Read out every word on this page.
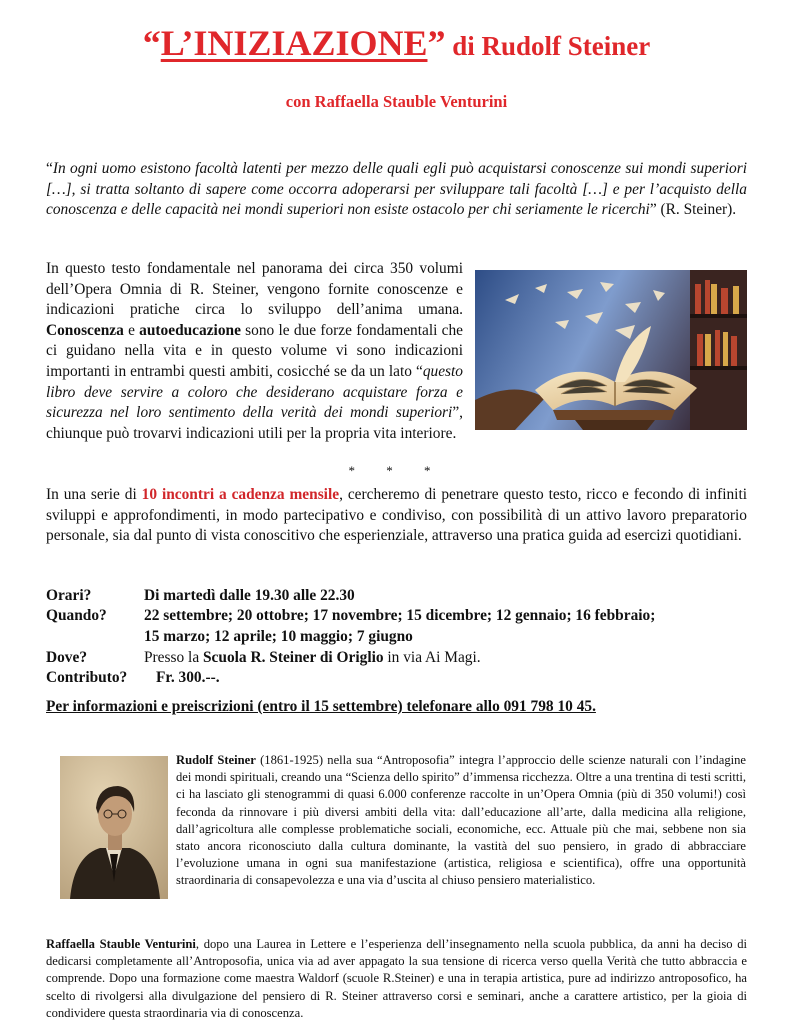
“L’INIZIAZIONE” di Rudolf Steiner
con Raffaella Stauble Venturini
“In ogni uomo esistono facoltà latenti per mezzo delle quali egli può acquistarsi conoscenze sui mondi superiori […], si tratta soltanto di sapere come occorra adoperarsi per sviluppare tali facoltà […] e per l’acquisto della conoscenza e delle capacità nei mondi superiori non esiste ostacolo per chi seriamente le ricerchi” (R. Steiner).
In questo testo fondamentale nel panorama dei circa 350 volumi dell’Opera Omnia di R. Steiner, vengono fornite conoscenze e indicazioni pratiche circa lo sviluppo dell’anima umana. Conoscenza e autoeducazione sono le due forze fondamentali che ci guidano nella vita e in questo volume vi sono indicazioni importanti in entrambi questi ambiti, cosicché se da un lato “questo libro deve servire a coloro che desiderano acquistare forza e sicurezza nel loro sentimento della verità dei mondi superiori”, chiunque può trovarvi indicazioni utili per la propria vita interiore.
* * *
In una serie di 10 incontri a cadenza mensile, cercheremo di penetrare questo testo, ricco e fecondo di infiniti sviluppi e approfondimenti, in modo partecipativo e condiviso, con possibilità di un attivo lavoro preparatorio personale, sia dal punto di vista conoscitivo che esperienziale, attraverso una pratica guida ad esercizi quotidiani.
Orari?	Di martedì dalle 19.30 alle 22.30
Quando? 22 settembre; 20 ottobre; 17 novembre; 15 dicembre; 12 gennaio; 16 febbraio;
15 marzo; 12 aprile; 10 maggio; 7 giugno
Dove?	Presso la Scuola R. Steiner di Origlio in via Ai Magi.
Contributo? Fr. 300.--.
Per informazioni e preiscrizioni (entro il 15 settembre) telefonare allo 091 798 10 45.
Rudolf Steiner (1861-1925) nella sua “Antroposofia” integra l’approccio delle scienze naturali con l’indagine dei mondi spirituali, creando una “Scienza dello spirito” d’immensa ricchezza. Oltre a una trentina di testi scritti, ci ha lasciato gli stenogrammi di quasi 6.000 conferenze raccolte in un’Opera Omnia (più di 350 volumi!) così feconda da rinnovare i più diversi ambiti della vita: dall’educazione all’arte, dalla medicina alla religione, dall’agricoltura alle complesse problematiche sociali, economiche, ecc. Attuale più che mai, sebbene non sia stato ancora riconosciuto dalla cultura dominante, la vastità del suo pensiero, in grado di abbracciare l’evoluzione umana in ogni sua manifestazione (artistica, religiosa e scientifica), offre una opportunità straordinaria di consapevolezza e una via d’uscita al chiuso pensiero materialistico.
Raffaella Stauble Venturini, dopo una Laurea in Lettere e l’esperienza dell’insegnamento nella scuola pubblica, da anni ha deciso di dedicarsi completamente all’Antroposofia, unica via ad aver appagato la sua tensione di ricerca verso quella Verità che tutto abbraccia e comprende. Dopo una formazione come maestra Waldorf (scuole R.Steiner) e una in terapia artistica, pure ad indirizzo antroposofico, ha scelto di rivolgersi alla divulgazione del pensiero di R. Steiner attraverso corsi e seminari, anche a carattere artistico, per la gioia di condividere questa straordinaria via di conoscenza.
